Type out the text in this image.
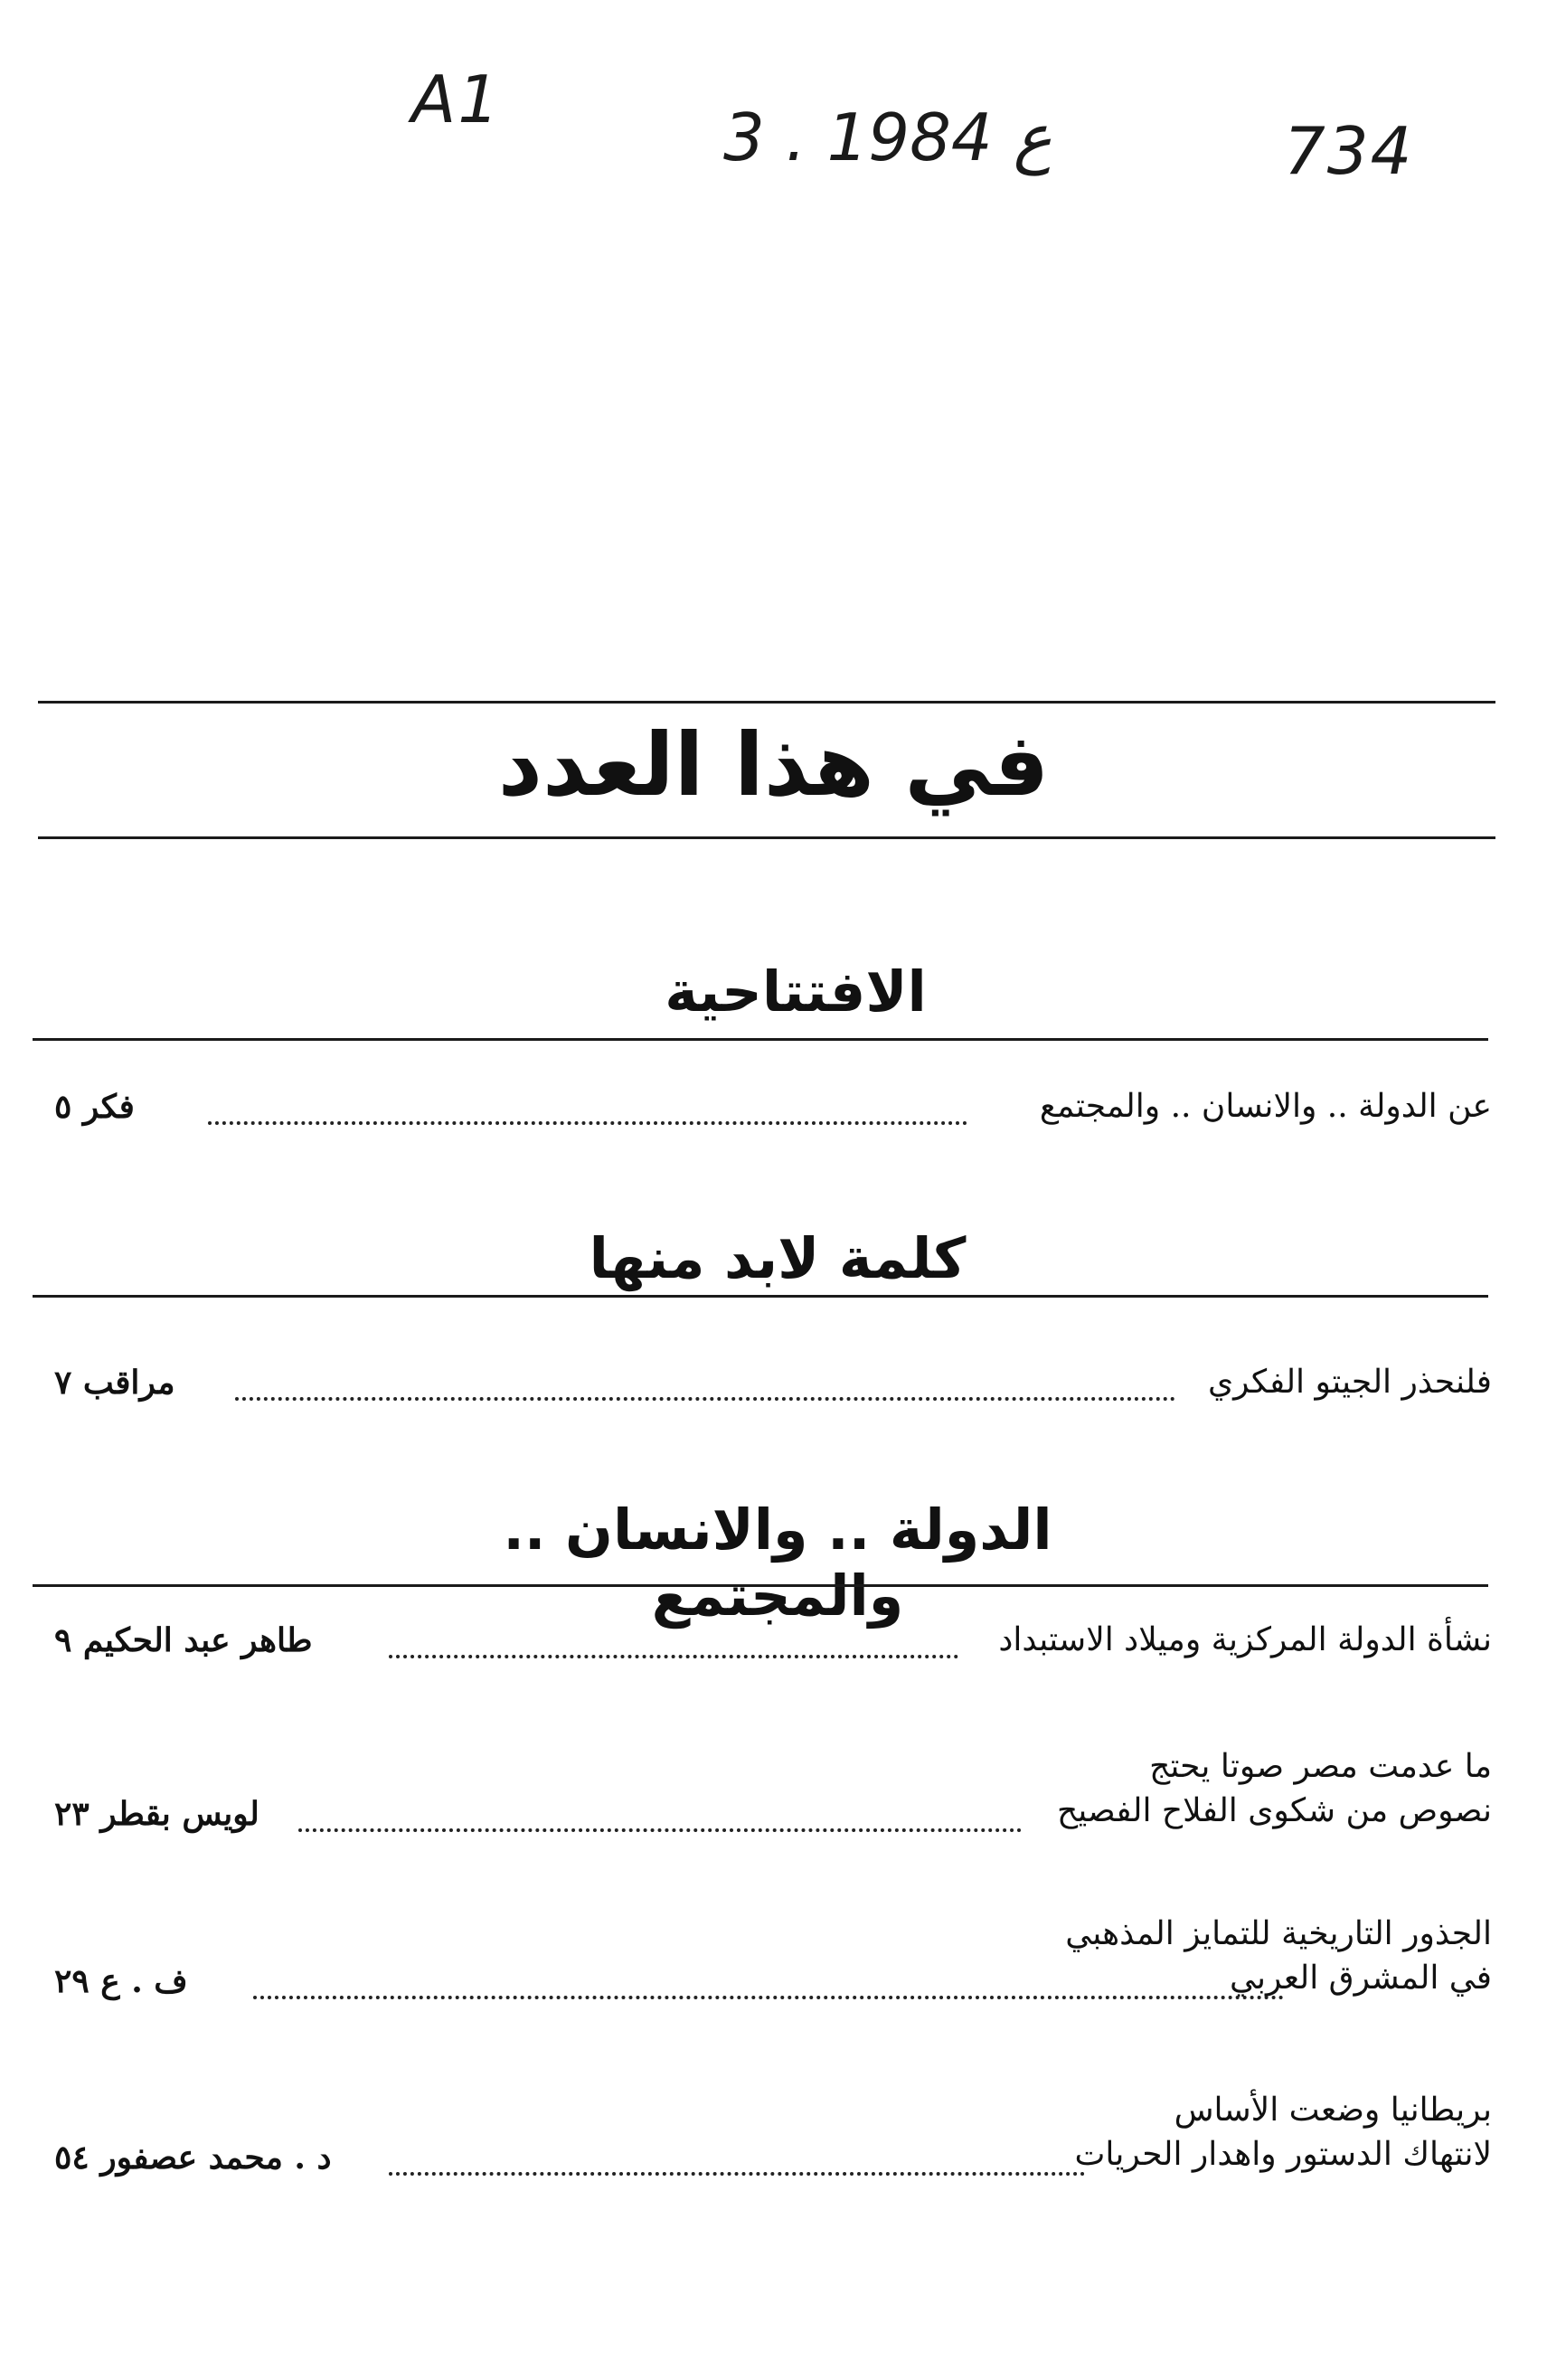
A1	3 . ع 1984	734
في هذا العدد
الافتتاحية
عن الدولة .. والانسان .. والمجتمع
فكر ٥
كلمة لابد منها
فلنحذر الجيتو الفكري
مراقب ٧
الدولة .. والانسان .. والمجتمع
نشأة الدولة المركزية وميلاد الاستبداد
طاهر عبد الحكيم ٩
ما عدمت مصر صوتا يحتج
نصوص من شكوى الفلاح الفصيح
لويس بقطر ٢٣
الجذور التاريخية للتمايز المذهبي
في المشرق العربي
ف . ع ٢٩
بريطانيا وضعت الأساس
لانتهاك الدستور واهدار الحريات
د . محمد عصفور ٥٤
